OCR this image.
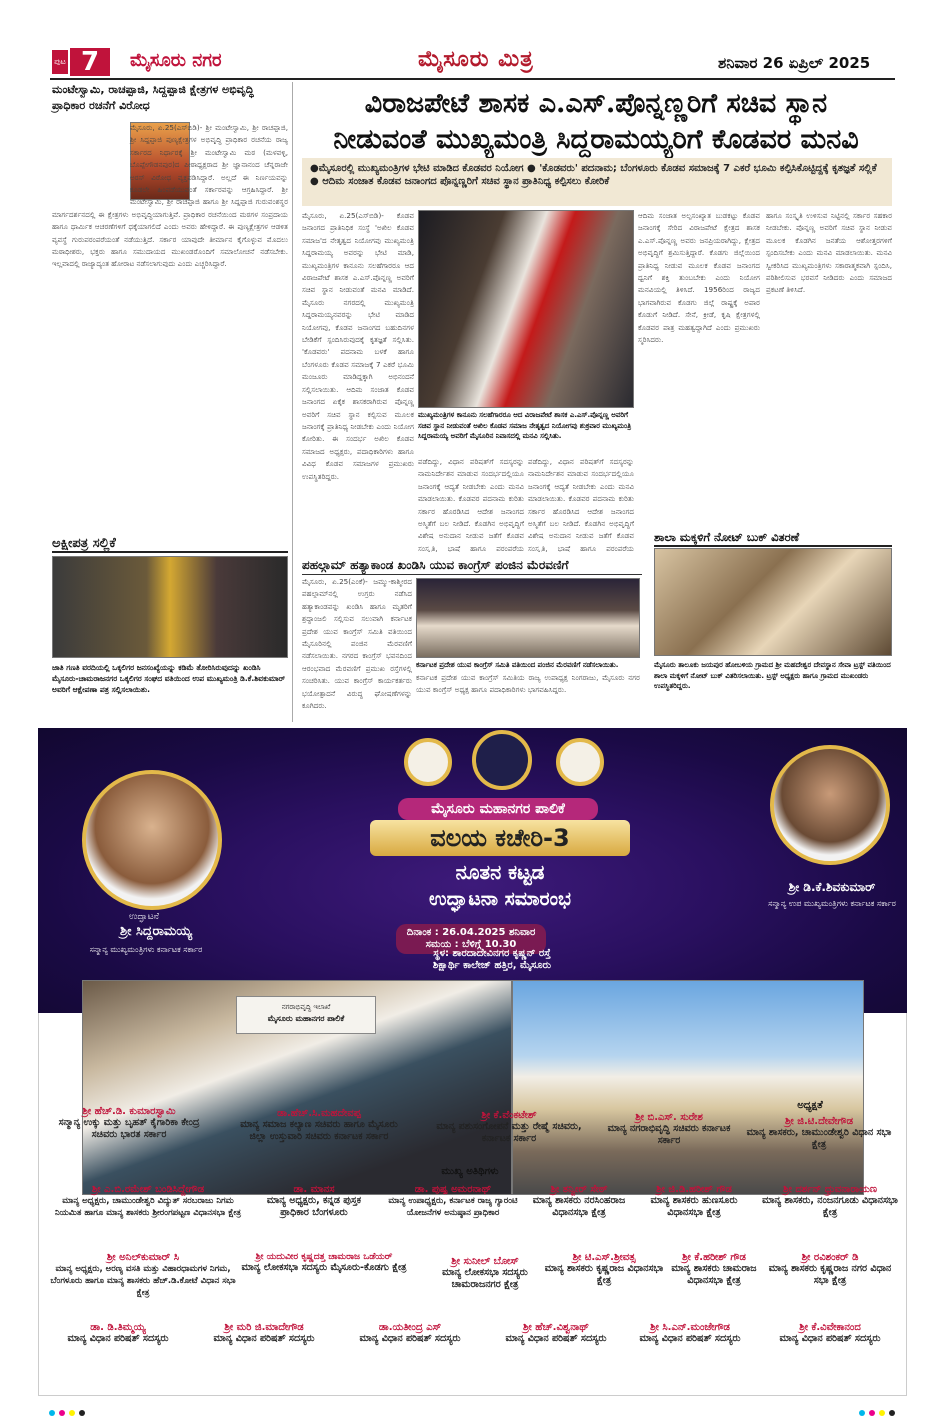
ಪುಟ 7	ಮೈಸೂರು ನಗರ	ಮೈಸೂರು ಮಿತ್ರ	ಶನಿವಾರ 26 ಏಪ್ರಿಲ್ 2025
ಮಂಟೇಸ್ವಾಮಿ, ರಾಚಪ್ಪಾಜಿ, ಸಿದ್ದಪ್ಪಾಜಿ ಕ್ಷೇತ್ರಗಳ ಅಭಿವೃದ್ಧಿ ಪ್ರಾಧಿಕಾರ ರಚನೆಗೆ ವಿರೋಧ
ಮೈಸೂರು, ಏ.25(ಎಸ್‌ಬಿಡಿ)- ಶ್ರೀ ಮಂಟೇಸ್ವಾಮಿ, ಶ್ರೀ ರಾಚಪ್ಪಾಜಿ, ಶ್ರೀ ಸಿದ್ದಪ್ಪಾಜಿ ಪುಣ್ಯಕ್ಷೇತ್ರಗಳ ಅಭಿವೃದ್ಧಿ ಪ್ರಾಧಿಕಾರ ರಚನೆಯ ರಾಜ್ಯ ಸರ್ಕಾರದ ನಿರ್ಧಾರಕ್ಕೆ ಶ್ರೀ ಮಂಟೇಸ್ವಾಮಿ ಮಠ (ಮಳವಳ್ಳಿ, ಬೊಪ್ಪೇಗೌಡನಪುರ)ದ ಪೀಠಾಧ್ಯಕ್ಷರಾದ ಶ್ರೀ ಜ್ಞಾನಾನಂದ ಚೆನ್ನರಾಜೇ ಅರಸ್ ವಿರೋಧ ವ್ಯಕ್ತಪಡಿಸಿದ್ದಾರೆ. ಅಲ್ಲದೆ ಈ ನಿರ್ಣಯವನ್ನು ಕೂಡಲೇ ಹಿಂಪಡೆಯುವಂತೆ ಸರ್ಕಾರವನ್ನು ಆಗ್ರಹಿಸಿದ್ದಾರೆ. ಶ್ರೀ ಮಂಟೇಸ್ವಾಮಿ, ಶ್ರೀ ರಾಚಪ್ಪಾಜಿ ಹಾಗೂ ಶ್ರೀ ಸಿದ್ದಪ್ಪಾಜಿ ಗುರುವಂಶಸ್ಥರ ಮಾರ್ಗದರ್ಶನದಲ್ಲಿ ಈ ಕ್ಷೇತ್ರಗಳು ಅಭಿವೃದ್ಧಿಯಾಗುತ್ತಿವೆ. ಪ್ರಾಧಿಕಾರ ರಚನೆಯಿಂದ ಮಠಗಳ ಸಂಪ್ರದಾಯ ಹಾಗೂ ಧಾರ್ಮಿಕ ಆಚರಣೆಗಳಿಗೆ ಧಕ್ಕೆಯಾಗಲಿದೆ ಎಂದು ಅವರು ಹೇಳಿದ್ದಾರೆ. ಈ ಪುಣ್ಯಕ್ಷೇತ್ರಗಳ ಆಡಳಿತ ವ್ಯವಸ್ಥೆ ಗುರುಪರಂಪರೆಯಂತೆ ನಡೆಯುತ್ತಿದೆ. ಸರ್ಕಾರ ಯಾವುದೇ ತೀರ್ಮಾನ ಕೈಗೊಳ್ಳುವ ಮೊದಲು ಮಠಾಧೀಶರು, ಭಕ್ತರು ಹಾಗೂ ಸಮುದಾಯದ ಮುಖಂಡರೊಂದಿಗೆ ಸಮಾಲೋಚನೆ ನಡೆಸಬೇಕು. ಇಲ್ಲವಾದಲ್ಲಿ ರಾಜ್ಯಾದ್ಯಂತ ಹೋರಾಟ ನಡೆಸಲಾಗುವುದು ಎಂದು ಎಚ್ಚರಿಸಿದ್ದಾರೆ.
ಅಕ್ಷೀಪತ್ರ ಸಲ್ಲಿಕೆ
ಜಾತಿ ಗಣತಿ ವರದಿಯಲ್ಲಿ ಒಕ್ಕಲಿಗರ ಜನಸಂಖ್ಯೆಯನ್ನು ಕಡಿಮೆ ತೋರಿಸಿರುವುದನ್ನು ಖಂಡಿಸಿ ಮೈಸೂರು-ಚಾಮರಾಜನಗರ ಒಕ್ಕಲಿಗರ ಸಂಘದ ವತಿಯಿಂದ ಉಪ ಮುಖ್ಯಮಂತ್ರಿ ಡಿ.ಕೆ.ಶಿವಕುಮಾರ್ ಅವರಿಗೆ ಆಕ್ಷೇಪಣಾ ಪತ್ರ ಸಲ್ಲಿಸಲಾಯಿತು.
ವಿರಾಜಪೇಟೆ ಶಾಸಕ ಎ.ಎಸ್.ಪೊನ್ನಣ್ಣರಿಗೆ ಸಚಿವ ಸ್ಥಾನ
ನೀಡುವಂತೆ ಮುಖ್ಯಮಂತ್ರಿ ಸಿದ್ದರಾಮಯ್ಯರಿಗೆ ಕೊಡವರ ಮನವಿ
●ಮೈಸೂರಲ್ಲಿ ಮುಖ್ಯಮಂತ್ರಿಗಳ ಭೇಟಿ ಮಾಡಿದ ಕೊಡವರ ನಿಯೋಗ ● 'ಕೊಡವರು' ಪದನಾಮ; ಬೆಂಗಳೂರು ಕೊಡವ ಸಮಾಜಕ್ಕೆ 7 ಎಕರೆ ಭೂಮಿ ಕಲ್ಪಿಸಿಕೊಟ್ಟಿದ್ದಕ್ಕೆ ಕೃತಜ್ಞತೆ ಸಲ್ಲಿಕೆ ● ಆದಿಮ ಸಂಜಾತ ಕೊಡವ ಜನಾಂಗದ ಪೊನ್ನಣ್ಣರಿಗೆ ಸಚಿವ ಸ್ಥಾನ ಪ್ರಾತಿನಿಧ್ಯ ಕಲ್ಪಿಸಲು ಕೋರಿಕೆ
ಮೈಸೂರು, ಏ.25(ಎಸ್‌ಬಿಡಿ)- ಕೊಡವ ಜನಾಂಗದ ಪ್ರಾತಿನಿಧಿಕ ಸಂಸ್ಥೆ 'ಅಖಿಲ ಕೊಡವ ಸಮಾಜ'ದ ನೇತೃತ್ವದ ನಿಯೋಗವು ಮುಖ್ಯಮಂತ್ರಿ ಸಿದ್ದರಾಮಯ್ಯ ಅವರನ್ನು ಭೇಟಿ ಮಾಡಿ, ಮುಖ್ಯಮಂತ್ರಿಗಳ ಕಾನೂನು ಸಲಹೆಗಾರರೂ ಆದ ವಿರಾಜಪೇಟೆ ಶಾಸಕ ಎ.ಎಸ್.ಪೊನ್ನಣ್ಣ ಅವರಿಗೆ ಸಚಿವ ಸ್ಥಾನ ನೀಡುವಂತೆ ಮನವಿ ಮಾಡಿದೆ. ಮೈಸೂರು ನಗರದಲ್ಲಿ ಮುಖ್ಯಮಂತ್ರಿ ಸಿದ್ದರಾಮಯ್ಯನವರನ್ನು ಭೇಟಿ ಮಾಡಿದ ನಿಯೋಗವು, ಕೊಡವ ಜನಾಂಗದ ಬಹುದಿನಗಳ ಬೇಡಿಕೆಗೆ ಸ್ಪಂದಿಸಿರುವುದಕ್ಕೆ ಕೃತಜ್ಞತೆ ಸಲ್ಲಿಸಿತು. 'ಕೊಡವರು' ಪದನಾಮ ಬಳಕೆ ಹಾಗೂ ಬೆಂಗಳೂರು ಕೊಡವ ಸಮಾಜಕ್ಕೆ 7 ಎಕರೆ ಭೂಮಿ ಮಂಜೂರು ಮಾಡಿದ್ದಕ್ಕಾಗಿ ಅಭಿನಂದನೆ ಸಲ್ಲಿಸಲಾಯಿತು. ಆದಿಮ ಸಂಜಾತ ಕೊಡವ ಜನಾಂಗದ ಏಕೈಕ ಶಾಸಕರಾಗಿರುವ ಪೊನ್ನಣ್ಣ ಅವರಿಗೆ ಸಚಿವ ಸ್ಥಾನ ಕಲ್ಪಿಸುವ ಮೂಲಕ ಜನಾಂಗಕ್ಕೆ ಪ್ರಾತಿನಿಧ್ಯ ನೀಡಬೇಕು ಎಂದು ನಿಯೋಗ ಕೋರಿತು. ಈ ಸಂದರ್ಭ ಅಖಿಲ ಕೊಡವ ಸಮಾಜದ ಅಧ್ಯಕ್ಷರು, ಪದಾಧಿಕಾರಿಗಳು ಹಾಗೂ ವಿವಿಧ ಕೊಡವ ಸಮಾಜಗಳ ಪ್ರಮುಖರು ಉಪಸ್ಥಿತರಿದ್ದರು.
ಮುಖ್ಯಮಂತ್ರಿಗಳ ಕಾನೂನು ಸಲಹೆಗಾರರೂ ಆದ ವಿರಾಜಪೇಟೆ ಶಾಸಕ ಎ.ಎಸ್.ಪೊನ್ನಣ್ಣ ಅವರಿಗೆ ಸಚಿವ ಸ್ಥಾನ ನೀಡುವಂತೆ ಅಖಿಲ ಕೊಡವ ಸಮಾಜ ನೇತೃತ್ವದ ನಿಯೋಗವು ಶುಕ್ರವಾರ ಮುಖ್ಯಮಂತ್ರಿ ಸಿದ್ದರಾಮಯ್ಯ ಅವರಿಗೆ ಮೈಸೂರಿನ ನಿವಾಸದಲ್ಲಿ ಮನವಿ ಸಲ್ಲಿಸಿತು.
ಪಡೆದಿದ್ದು, ವಿಧಾನ ಪರಿಷತ್‌ಗೆ ಸದಸ್ಯರನ್ನು ನಾಮನಿರ್ದೇಶನ ಮಾಡುವ ಸಂದರ್ಭದಲ್ಲಿಯೂ ಜನಾಂಗಕ್ಕೆ ಆದ್ಯತೆ ನೀಡಬೇಕು ಎಂದು ಮನವಿ ಮಾಡಲಾಯಿತು. ಕೊಡವರ ಪದನಾಮ ಕುರಿತು ಸರ್ಕಾರ ಹೊರಡಿಸಿದ ಆದೇಶ ಜನಾಂಗದ ಅಸ್ಮಿತೆಗೆ ಬಲ ನೀಡಿದೆ. ಕೊಡಗಿನ ಅಭಿವೃದ್ಧಿಗೆ ವಿಶೇಷ ಅನುದಾನ ನೀಡುವ ಜತೆಗೆ ಕೊಡವ ಸಂಸ್ಕೃತಿ, ಭಾಷೆ ಹಾಗೂ ಪರಂಪರೆಯ
ಪಡೆದಿದ್ದು, ವಿಧಾನ ಪರಿಷತ್‌ಗೆ ಸದಸ್ಯರನ್ನು ನಾಮನಿರ್ದೇಶನ ಮಾಡುವ ಸಂದರ್ಭದಲ್ಲಿಯೂ ಜನಾಂಗಕ್ಕೆ ಆದ್ಯತೆ ನೀಡಬೇಕು ಎಂದು ಮನವಿ ಮಾಡಲಾಯಿತು. ಕೊಡವರ ಪದನಾಮ ಕುರಿತು ಸರ್ಕಾರ ಹೊರಡಿಸಿದ ಆದೇಶ ಜನಾಂಗದ ಅಸ್ಮಿತೆಗೆ ಬಲ ನೀಡಿದೆ. ಕೊಡಗಿನ ಅಭಿವೃದ್ಧಿಗೆ ವಿಶೇಷ ಅನುದಾನ ನೀಡುವ ಜತೆಗೆ ಕೊಡವ ಸಂಸ್ಕೃತಿ, ಭಾಷೆ ಹಾಗೂ ಪರಂಪರೆಯ
ಆದಿಮ ಸಂಜಾತ ಅಲ್ಪಸಂಖ್ಯಾತ ಬುಡಕಟ್ಟು ಕೊಡವ ಜನಾಂಗಕ್ಕೆ ಸೇರಿದ ವಿರಾಜಪೇಟೆ ಕ್ಷೇತ್ರದ ಶಾಸಕ ಎ.ಎಸ್.ಪೊನ್ನಣ್ಣ ಅವರು ಜನಪ್ರಿಯರಾಗಿದ್ದು, ಕ್ಷೇತ್ರದ ಅಭಿವೃದ್ಧಿಗೆ ಶ್ರಮಿಸುತ್ತಿದ್ದಾರೆ. ಕೊಡಗು ಜಿಲ್ಲೆಯಿಂದ ಪ್ರಾತಿನಿಧ್ಯ ನೀಡುವ ಮೂಲಕ ಕೊಡವ ಜನಾಂಗದ ಧ್ವನಿಗೆ ಶಕ್ತಿ ತುಂಬಬೇಕು ಎಂದು ನಿಯೋಗ ಮನವಿಯಲ್ಲಿ ತಿಳಿಸಿದೆ. 1956ರಿಂದ ರಾಜ್ಯದ ಭಾಗವಾಗಿರುವ ಕೊಡಗು ಜಿಲ್ಲೆ ರಾಷ್ಟ್ರಕ್ಕೆ ಅಪಾರ ಕೊಡುಗೆ ನೀಡಿದೆ. ಸೇನೆ, ಕ್ರೀಡೆ, ಕೃಷಿ ಕ್ಷೇತ್ರಗಳಲ್ಲಿ ಕೊಡವರ ಪಾತ್ರ ಮಹತ್ವದ್ದಾಗಿದೆ ಎಂದು ಪ್ರಮುಖರು ಸ್ಮರಿಸಿದರು.
ಹಾಗೂ ಸಂಸ್ಕೃತಿ ಉಳಿಸುವ ನಿಟ್ಟಿನಲ್ಲಿ ಸರ್ಕಾರ ಸಹಕಾರ ನೀಡಬೇಕು. ಪೊನ್ನಣ್ಣ ಅವರಿಗೆ ಸಚಿವ ಸ್ಥಾನ ನೀಡುವ ಮೂಲಕ ಕೊಡಗಿನ ಜನತೆಯ ಆಶೋತ್ತರಗಳಿಗೆ ಸ್ಪಂದಿಸಬೇಕು ಎಂದು ಮನವಿ ಮಾಡಲಾಯಿತು. ಮನವಿ ಸ್ವೀಕರಿಸಿದ ಮುಖ್ಯಮಂತ್ರಿಗಳು ಸಕಾರಾತ್ಮಕವಾಗಿ ಸ್ಪಂದಿಸಿ, ಪರಿಶೀಲಿಸುವ ಭರವಸೆ ನೀಡಿದರು ಎಂದು ಸಮಾಜದ ಪ್ರಕಟಣೆ ತಿಳಿಸಿದೆ.
ಪಹಲ್ಗಾಮ್ ಹತ್ಯಾಕಾಂಡ ಖಂಡಿಸಿ ಯುವ ಕಾಂಗ್ರೆಸ್ ಪಂಜಿನ ಮೆರವಣಿಗೆ
ಮೈಸೂರು, ಏ.25(ಎಂಕೆ)- ಜಮ್ಮು-ಕಾಶ್ಮೀರದ ಪಹಲ್ಗಾಮ್‌ನಲ್ಲಿ ಉಗ್ರರು ನಡೆಸಿದ ಹತ್ಯಾಕಾಂಡವನ್ನು ಖಂಡಿಸಿ ಹಾಗೂ ಮೃತರಿಗೆ ಶ್ರದ್ಧಾಂಜಲಿ ಸಲ್ಲಿಸುವ ಸಲುವಾಗಿ ಕರ್ನಾಟಕ ಪ್ರದೇಶ ಯುವ ಕಾಂಗ್ರೆಸ್ ಸಮಿತಿ ವತಿಯಿಂದ ಮೈಸೂರಿನಲ್ಲಿ ಪಂಜಿನ ಮೆರವಣಿಗೆ ನಡೆಸಲಾಯಿತು. ನಗರದ ಕಾಂಗ್ರೆಸ್ ಭವನದಿಂದ ಆರಂಭವಾದ ಮೆರವಣಿಗೆ ಪ್ರಮುಖ ರಸ್ತೆಗಳಲ್ಲಿ ಸಂಚರಿಸಿತು. ಯುವ ಕಾಂಗ್ರೆಸ್ ಕಾರ್ಯಕರ್ತರು ಭಯೋತ್ಪಾದನೆ ವಿರುದ್ಧ ಘೋಷಣೆಗಳನ್ನು ಕೂಗಿದರು.
ಕರ್ನಾಟಕ ಪ್ರದೇಶ ಯುವ ಕಾಂಗ್ರೆಸ್ ಸಮಿತಿ ವತಿಯಿಂದ ಪಂಜಿನ ಮೆರವಣಿಗೆ ನಡೆಸಲಾಯಿತು.
ಕರ್ನಾಟಕ ಪ್ರದೇಶ ಯುವ ಕಾಂಗ್ರೆಸ್ ಸಮಿತಿಯ ರಾಜ್ಯ ಉಪಾಧ್ಯಕ್ಷ ನಿಂಗರಾಜು, ಮೈಸೂರು ನಗರ ಯುವ ಕಾಂಗ್ರೆಸ್ ಅಧ್ಯಕ್ಷ ಹಾಗೂ ಪದಾಧಿಕಾರಿಗಳು ಭಾಗವಹಿಸಿದ್ದರು.
ಶಾಲಾ ಮಕ್ಕಳಿಗೆ ನೋಟ್ ಬುಕ್ ವಿತರಣೆ
ಮೈಸೂರು ತಾಲೂಕು ಜಯಪುರ ಹೋಬಳಿಯ ಗ್ರಾಮದ ಶ್ರೀ ಮಹದೇಶ್ವರ ದೇವಸ್ಥಾನ ಸೇವಾ ಟ್ರಸ್ಟ್ ವತಿಯಿಂದ ಶಾಲಾ ಮಕ್ಕಳಿಗೆ ನೋಟ್ ಬುಕ್ ವಿತರಿಸಲಾಯಿತು. ಟ್ರಸ್ಟ್ ಅಧ್ಯಕ್ಷರು ಹಾಗೂ ಗ್ರಾಮದ ಮುಖಂಡರು ಉಪಸ್ಥಿತರಿದ್ದರು.
ಉದ್ಘಾಟನೆ
ಶ್ರೀ ಸಿದ್ದರಾಮಯ್ಯ
ಸನ್ಮಾನ್ಯ ಮುಖ್ಯಮಂತ್ರಿಗಳು ಕರ್ನಾಟಕ ಸರ್ಕಾರ
ಶ್ರೀ ಡಿ.ಕೆ.ಶಿವಕುಮಾರ್
ಸನ್ಮಾನ್ಯ ಉಪ ಮುಖ್ಯಮಂತ್ರಿಗಳು ಕರ್ನಾಟಕ ಸರ್ಕಾರ
ಮೈಸೂರು ಮಹಾನಗರ ಪಾಲಿಕೆ
ವಲಯ ಕಚೇರಿ-3
ನೂತನ ಕಟ್ಟಡ
ಉದ್ಘಾಟನಾ ಸಮಾರಂಭ
ದಿನಾಂಕ : 26.04.2025 ಶನಿವಾರ
ಸಮಯ : ಬೆಳಿಗ್ಗೆ 10.30
ಸ್ಥಳ: ಶಾರದಾದೇವಿನಗರ ಕೃಷ್ಣನ್ ರಸ್ತೆ ಶಿಕ್ಷಾರ್ಥಿ ಕಾಲೇಜ್ ಹತ್ತಿರ, ಮೈಸೂರು
ನಗರಾಭಿವೃದ್ಧಿ ಇಲಾಖೆ
ಮೈಸೂರು ಮಹಾನಗರ ಪಾಲಿಕೆ
ಅಧ್ಯಕ್ಷತೆ
ಶ್ರೀ ಹೆಚ್.ಡಿ. ಕುಮಾರಸ್ವಾಮಿ
ಸನ್ಮಾನ್ಯ ಉಕ್ಕು ಮತ್ತು ಬೃಹತ್ ಕೈಗಾರಿಕಾ ಕೇಂದ್ರ ಸಚಿವರು ಭಾರತ ಸರ್ಕಾರ
ಡಾ.ಹೆಚ್.ಸಿ.ಮಹದೇವಪ್ಪ
ಮಾನ್ಯ ಸಮಾಜ ಕಲ್ಯಾಣ ಸಚಿವರು ಹಾಗೂ ಮೈಸೂರು ಜಿಲ್ಲಾ ಉಸ್ತುವಾರಿ ಸಚಿವರು ಕರ್ನಾಟಕ ಸರ್ಕಾರ
ಶ್ರೀ ಕೆ.ವೆಂಕಟೇಶ್
ಮಾನ್ಯ ಪಶುಸಂಗೋಪನೆ ಮತ್ತು ರೇಷ್ಮೆ ಸಚಿವರು, ಕರ್ನಾಟಕ ಸರ್ಕಾರ
ಶ್ರೀ ಬಿ.ಎಸ್. ಸುರೇಶ
ಮಾನ್ಯ ನಗರಾಭಿವೃದ್ಧಿ ಸಚಿವರು ಕರ್ನಾಟಕ ಸರ್ಕಾರ
ಶ್ರೀ ಜಿ.ಟಿ.ದೇವೇಗೌಡ
ಮಾನ್ಯ ಶಾಸಕರು, ಚಾಮುಂಡೇಶ್ವರಿ ವಿಧಾನ ಸಭಾ ಕ್ಷೇತ್ರ
ಮುಖ್ಯ ಅತಿಥಿಗಳು
ಶ್ರೀ ಎ.ಬಿ.ರಮೇಶ್ ಬಂಡಿಸಿದ್ದೇಗೌಡ
ಮಾನ್ಯ ಅಧ್ಯಕ್ಷರು, ಚಾಮುಂಡೇಶ್ವರಿ ವಿದ್ಯುತ್ ಸರಬರಾಜು ನಿಗಮ ನಿಯಮಿತ ಹಾಗೂ ಮಾನ್ಯ ಶಾಸಕರು ಶ್ರೀರಂಗಪಟ್ಟಣ ವಿಧಾನಸಭಾ ಕ್ಷೇತ್ರ
ಡಾ. ಮಾನಸ
ಮಾನ್ಯ ಅಧ್ಯಕ್ಷರು, ಕನ್ನಡ ಪುಸ್ತಕ ಪ್ರಾಧಿಕಾರ ಬೆಂಗಳೂರು
ಡಾ. ಪುಷ್ಪ ಅಮರನಾಥ್
ಮಾನ್ಯ ಉಪಾಧ್ಯಕ್ಷರು, ಕರ್ನಾಟಕ ರಾಜ್ಯ ಗ್ಯಾರಂಟಿ ಯೋಜನೆಗಳ ಅನುಷ್ಠಾನ ಪ್ರಾಧಿಕಾರ
ಶ್ರೀ ತನ್ವೀರ್ ಸೇಠ್
ಮಾನ್ಯ ಶಾಸಕರು ನರಸಿಂಹರಾಜ ವಿಧಾನಸಭಾ ಕ್ಷೇತ್ರ
ಶ್ರೀ ಜಿ.ಡಿ.ಹರೀಶ್ ಗೌಡ
ಮಾನ್ಯ ಶಾಸಕರು ಹುಣಸೂರು ವಿಧಾನಸಭಾ ಕ್ಷೇತ್ರ
ಶ್ರೀ ದರ್ಶನ್ ಧ್ರುವನಾರಾಯಣ
ಮಾನ್ಯ ಶಾಸಕರು, ನಂಜನಗೂಡು ವಿಧಾನಸಭಾ ಕ್ಷೇತ್ರ
ಶ್ರೀ ಅನಿಲ್‌ಕುಮಾರ್ ಸಿ
ಮಾನ್ಯ ಅಧ್ಯಕ್ಷರು, ಅರಣ್ಯ ವಸತಿ ಮತ್ತು ವಿಹಾರಧಾಮಗಳ ನಿಗಮ, ಬೆಂಗಳೂರು ಹಾಗೂ ಮಾನ್ಯ ಶಾಸಕರು ಹೆಚ್.ಡಿ.ಕೋಟೆ ವಿಧಾನ ಸಭಾ ಕ್ಷೇತ್ರ
ಶ್ರೀ ಯದುವೀರ ಕೃಷ್ಣದತ್ತ ಚಾಮರಾಜ ಒಡೆಯರ್
ಮಾನ್ಯ ಲೋಕಸಭಾ ಸದಸ್ಯರು ಮೈಸೂರು-ಕೊಡಗು ಕ್ಷೇತ್ರ
ಶ್ರೀ ಸುನೀಲ್ ಬೋಸ್
ಮಾನ್ಯ ಲೋಕಸಭಾ ಸದಸ್ಯರು ಚಾಮರಾಜನಗರ ಕ್ಷೇತ್ರ
ಶ್ರೀ ಟಿ.ಎಸ್.ಶ್ರೀವತ್ಸ
ಮಾನ್ಯ ಶಾಸಕರು ಕೃಷ್ಣರಾಜ ವಿಧಾನಸಭಾ ಕ್ಷೇತ್ರ
ಶ್ರೀ ಕೆ.ಹರೀಶ್ ಗೌಡ
ಮಾನ್ಯ ಶಾಸಕರು ಚಾಮರಾಜ ವಿಧಾನಸಭಾ ಕ್ಷೇತ್ರ
ಶ್ರೀ ರವಿಶಂಕರ್ ಡಿ
ಮಾನ್ಯ ಶಾಸಕರು ಕೃಷ್ಣರಾಜ ನಗರ ವಿಧಾನ ಸಭಾ ಕ್ಷೇತ್ರ
ಡಾ. ಡಿ.ತಿಮ್ಮಯ್ಯ
ಮಾನ್ಯ ವಿಧಾನ ಪರಿಷತ್ ಸದಸ್ಯರು
ಶ್ರೀ ಮರಿ ಜಿ.ಮಾದೇಗೌಡ
ಮಾನ್ಯ ವಿಧಾನ ಪರಿಷತ್ ಸದಸ್ಯರು
ಡಾ.ಯತೀಂದ್ರ ಎಸ್
ಮಾನ್ಯ ವಿಧಾನ ಪರಿಷತ್ ಸದಸ್ಯರು
ಶ್ರೀ ಹೆಚ್.ವಿಶ್ವನಾಥ್
ಮಾನ್ಯ ವಿಧಾನ ಪರಿಷತ್ ಸದಸ್ಯರು
ಶ್ರೀ ಸಿ.ಎನ್.ಮಂಜೇಗೌಡ
ಮಾನ್ಯ ವಿಧಾನ ಪರಿಷತ್ ಸದಸ್ಯರು
ಶ್ರೀ ಕೆ.ವಿವೇಕಾನಂದ
ಮಾನ್ಯ ವಿಧಾನ ಪರಿಷತ್ ಸದಸ್ಯರು
